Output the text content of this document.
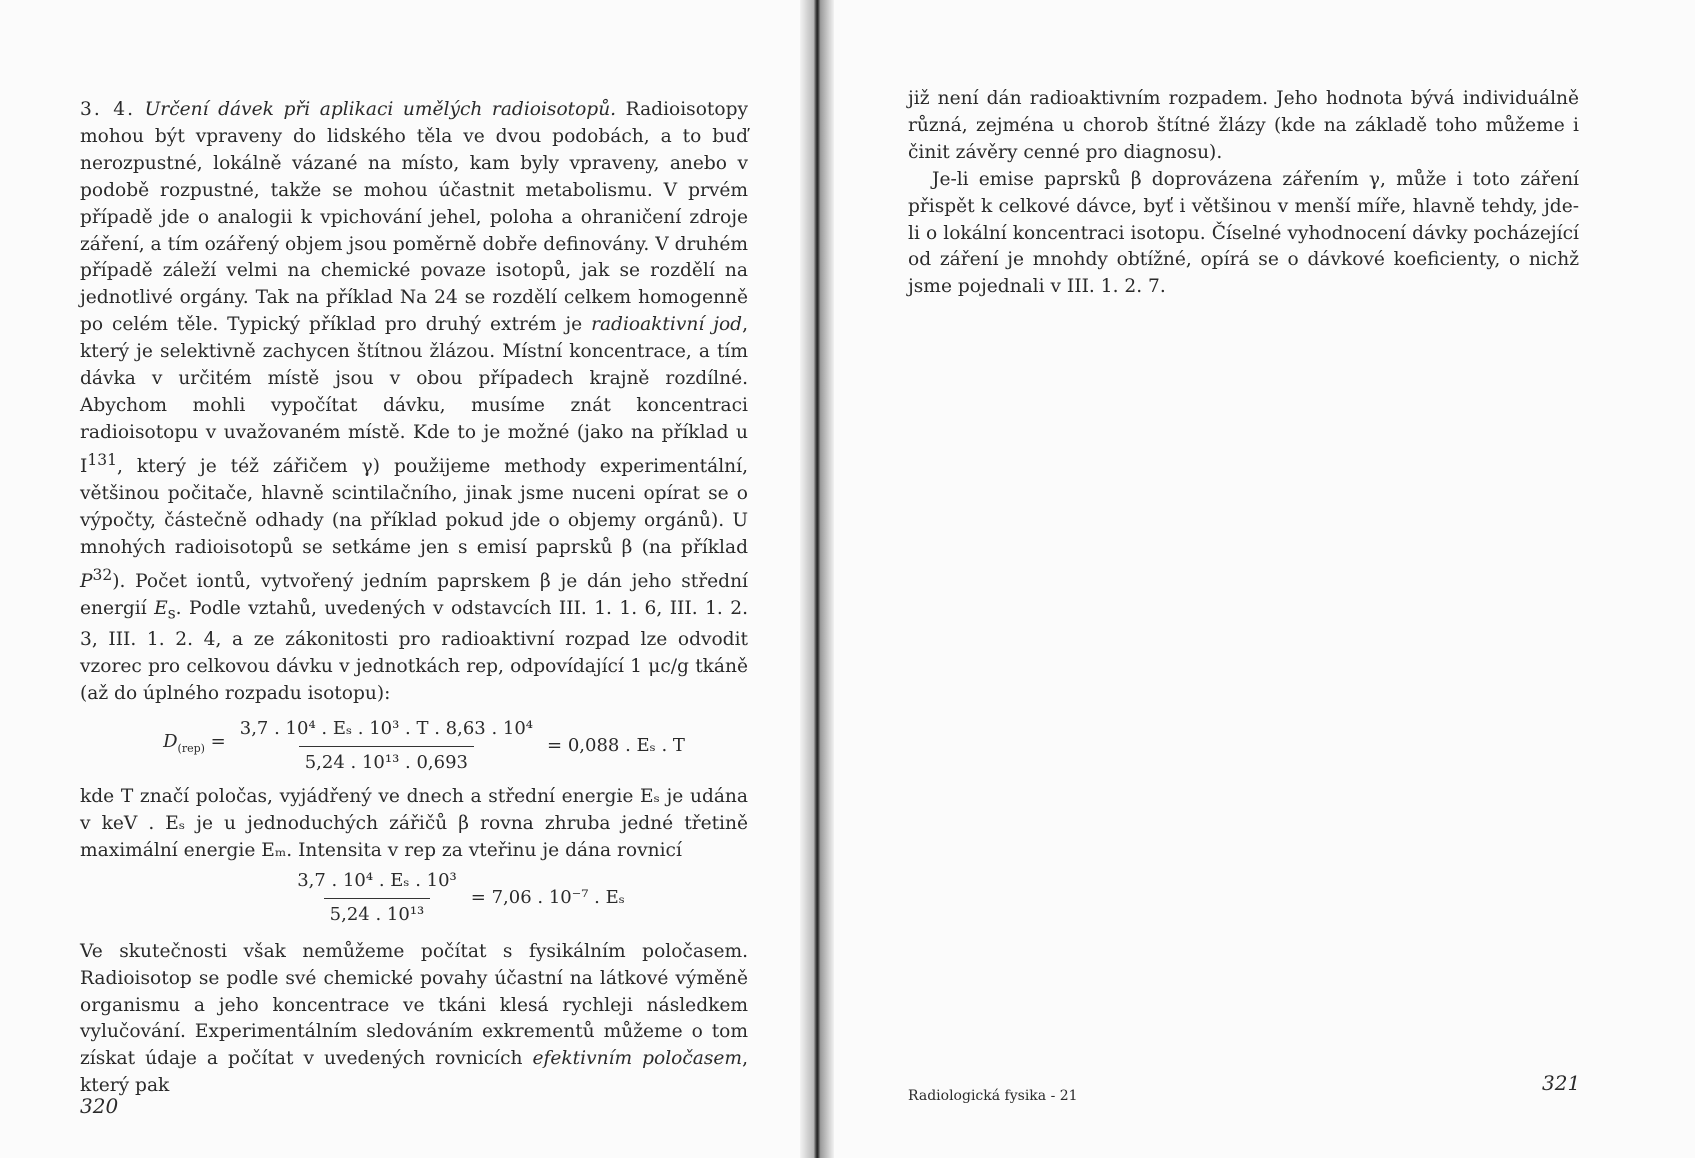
3. 4. Určení dávek při aplikaci umělých radioisotopů. Radioisotopy mohou být vpraveny do lidského těla ve dvou podobách, a to buď nerozpustné, lokálně vázané na místo, kam byly vpraveny, anebo v podobě rozpustné, takže se mohou účastnit metabolismu. V prvém případě jde o analogii k vpichování jehel, poloha a ohraničení zdroje záření, a tím ozářený objem jsou poměrně dobře definovány. V druhém případě záleží velmi na chemické povaze isotopů, jak se rozdělí na jednotlivé orgány. Tak na příklad Na 24 se rozdělí celkem homogenně po celém těle. Typický příklad pro druhý extrém je radioaktivní jod, který je selektivně zachycen štítnou žlázou. Místní koncentrace, a tím dávka v určitém místě jsou v obou případech krajně rozdílné. Abychom mohli vypočítat dávku, musíme znát koncentraci radioisotopu v uvažovaném místě. Kde to je možné (jako na příklad u $I^{131}$, který je též zářičem γ) použijeme methody experimentální, většinou počitače, hlavně scintilačního, jinak jsme nuceni opírat se o výpočty, částečně odhady (na příklad pokud jde o objemy orgánů). U mnohých radioisotopů se setkáme jen s emisí paprsků β (na příklad $P^{32}$). Počet iontů, vytvořený jedním paprskem β je dán jeho střední energií $E_s$. Podle vztahů, uvedených v odstavcích III. 1. 1. 6, III. 1. 2. 3, III. 1. 2. 4, a ze zákonitosti pro radioaktivní rozpad lze odvodit vzorec pro celkovou dávku v jednotkách rep, odpovídající 1 μc/g tkáně (až do úplného rozpadu isotopu):

$D_{(rep)} = \frac{\text{3,7 . 10⁴ . Eₛ . 10³ . T . 8,63 . 10⁴}}{\text{5,24 . 10¹³ . 0,693}} = 0,088$ . Eₛ . T

kde T značí poločas, vyjádřený ve dnech a střední energie Eₛ je udána v keV . Eₛ je u jednoduchých zářičů β rovna zhruba jedné třetině maximální energie Eₘ. Intensita v rep za vteřinu je dána rovnicí

$\frac{\text{3,7 . 10⁴ . Eₛ . 10³}}{\text{5,24 . 10¹³}} = 7,06$ . 10⁻⁷ . Eₛ

Ve skutečnosti však nemůžeme počítat s fysikálním poločasem. Radioisotop se podle své chemické povahy účastní na látkové výměně organismu a jeho koncentrace ve tkáni klesá rychleji následkem vylučování. Experimentálním sledováním exkrementů můžeme o tom získat údaje a počítat v uvedených rovnicích efektivním poločasem, který pak

320

již není dán radioaktivním rozpadem. Jeho hodnota bývá individuálně různá, zejména u chorob štítné žlázy (kde na základě toho můžeme i činit závěry cenné pro diagnosu).

Je-li emise paprsků β doprovázena zářením γ, může i toto záření přispět k celkové dávce, byť i většinou v menší míře, hlavně tehdy, jde-li o lokální koncentraci isotopu. Číselné vyhodnocení dávky pocházející od záření je mnohdy obtížné, opírá se o dávkové koeficienty, o nichž jsme pojednali v III. 1. 2. 7.

Radiologická fysika - 21
321
